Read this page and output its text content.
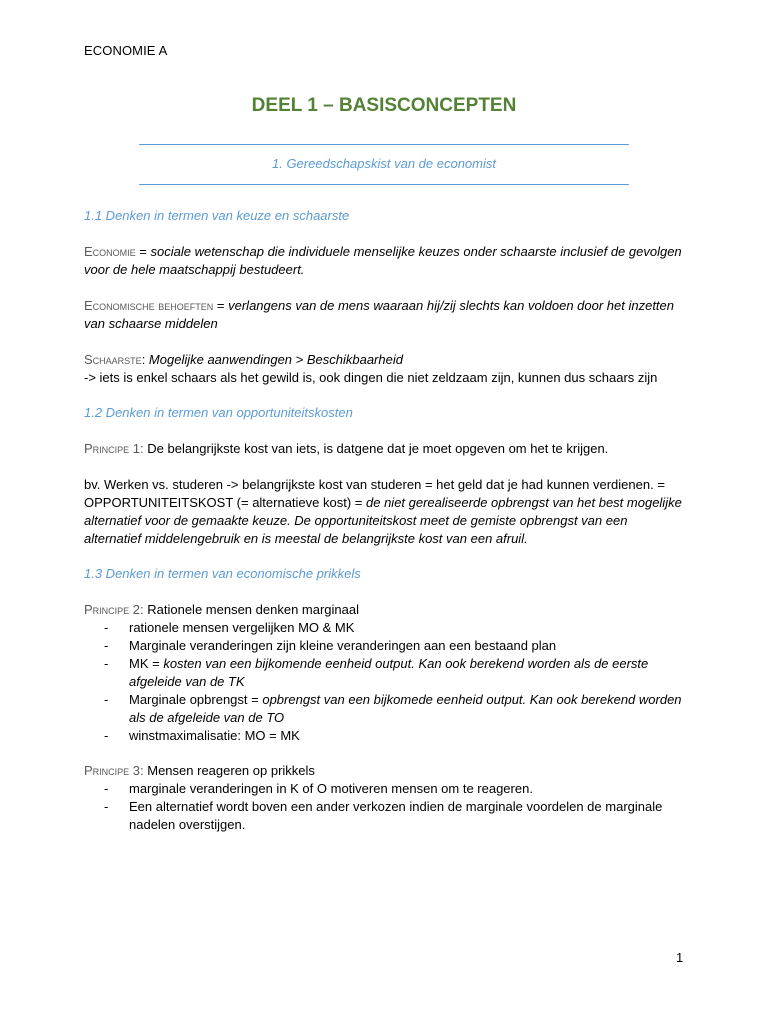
ECONOMIE A
DEEL 1 – BASISCONCEPTEN
1. Gereedschapskist van de economist

1.1 Denken in termen van keuze en schaarste

Economie = sociale wetenschap die individuele menselijke keuzes onder schaarste inclusief de gevolgen voor de hele maatschappij bestudeert.

Economische behoeften = verlangens van de mens waaraan hij/zij slechts kan voldoen door het inzetten van schaarse middelen

Schaarste: Mogelijke aanwendingen > Beschikbaarheid

-> iets is enkel schaars als het gewild is, ook dingen die niet zeldzaam zijn, kunnen dus schaars zijn

1.2 Denken in termen van opportuniteitskosten

Principe 1: De belangrijkste kost van iets, is datgene dat je moet opgeven om het te krijgen.

bv. Werken vs. studeren -> belangrijkste kost van studeren = het geld dat je had kunnen verdienen. = OPPORTUNITEITSKOST (= alternatieve kost) = de niet gerealiseerde opbrengst van het best mogelijke alternatief voor de gemaakte keuze. De opportuniteitskost meet de gemiste opbrengst van een alternatief middelengebruik en is meestal de belangrijkste kost van een afruil.

1.3 Denken in termen van economische prikkels

Principe 2: Rationele mensen denken marginaal

- rationele mensen vergelijken MO & MK
- Marginale veranderingen zijn kleine veranderingen aan een bestaand plan
- MK = kosten van een bijkomende eenheid output. Kan ook berekend worden als de eerste afgeleide van de TK
- Marginale opbrengst = opbrengst van een bijkomede eenheid output. Kan ook berekend worden als de afgeleide van de TO
- winstmaximalisatie: MO = MK

Principe 3: Mensen reageren op prikkels

- marginale veranderingen in K of O motiveren mensen om te reageren.
- Een alternatief wordt boven een ander verkozen indien de marginale voordelen de marginale nadelen overstijgen.
1
